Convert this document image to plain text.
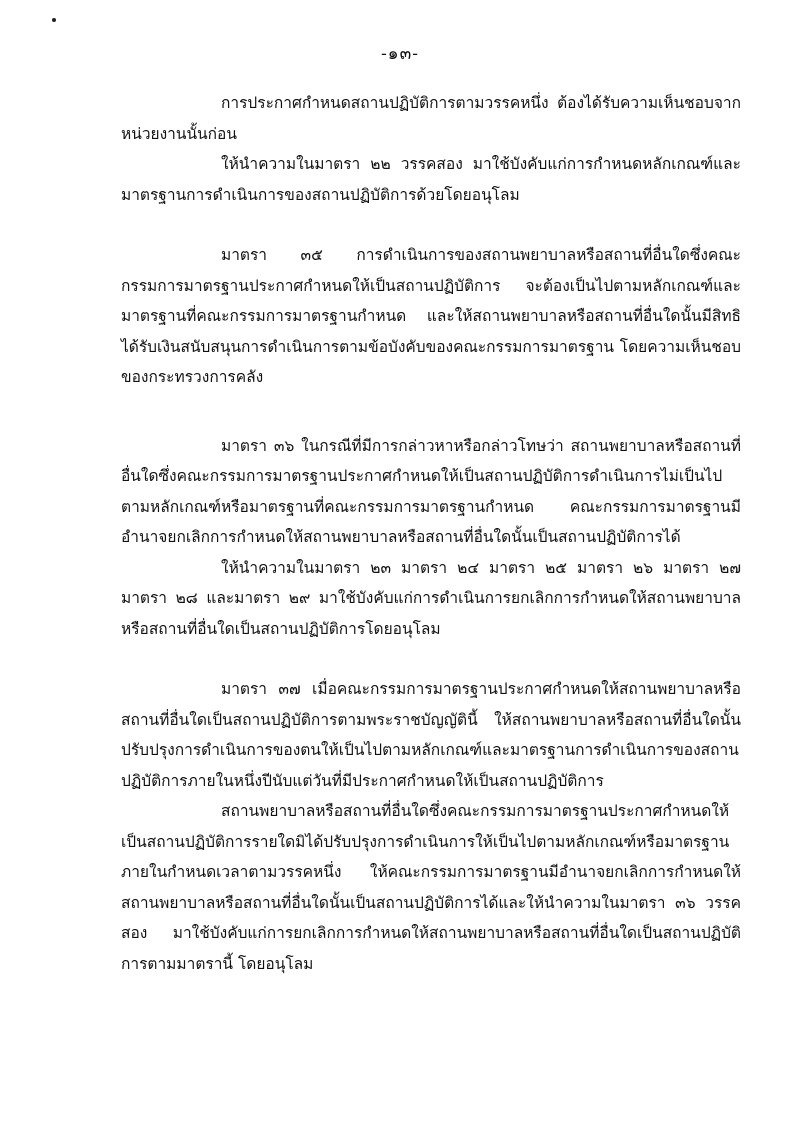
-๑๓-

การประกาศกำหนดสถานปฏิบัติการตามวรรคหนึ่ง ต้องได้รับความเห็นชอบจากหน่วยงานนั้นก่อน

ให้นำความในมาตรา ๒๒ วรรคสอง มาใช้บังคับแก่การกำหนดหลักเกณฑ์และมาตรฐานการดำเนินการของสถานปฏิบัติการด้วยโดยอนุโลม

มาตรา ๓๕ การดำเนินการของสถานพยาบาลหรือสถานที่อื่นใดซึ่งคณะกรรมการมาตรฐานประกาศกำหนดให้เป็นสถานปฏิบัติการ จะต้องเป็นไปตามหลักเกณฑ์และมาตรฐานที่คณะกรรมการมาตรฐานกำหนด และให้สถานพยาบาลหรือสถานที่อื่นใดนั้นมีสิทธิได้รับเงินสนับสนุนการดำเนินการตามข้อบังคับของคณะกรรมการมาตรฐาน โดยความเห็นชอบของกระทรวงการคลัง

มาตรา ๓๖ ในกรณีที่มีการกล่าวหาหรือกล่าวโทษว่า สถานพยาบาลหรือสถานที่อื่นใดซึ่งคณะกรรมการมาตรฐานประกาศกำหนดให้เป็นสถานปฏิบัติการดำเนินการไม่เป็นไปตามหลักเกณฑ์หรือมาตรฐานที่คณะกรรมการมาตรฐานกำหนด คณะกรรมการมาตรฐานมีอำนาจยกเลิกการกำหนดให้สถานพยาบาลหรือสถานที่อื่นใดนั้นเป็นสถานปฏิบัติการได้

ให้นำความในมาตรา ๒๓ มาตรา ๒๔ มาตรา ๒๕ มาตรา ๒๖ มาตรา ๒๗ มาตรา ๒๘ และมาตรา ๒๙ มาใช้บังคับแก่การดำเนินการยกเลิกการกำหนดให้สถานพยาบาลหรือสถานที่อื่นใดเป็นสถานปฏิบัติการโดยอนุโลม

มาตรา ๓๗ เมื่อคณะกรรมการมาตรฐานประกาศกำหนดให้สถานพยาบาลหรือสถานที่อื่นใดเป็นสถานปฏิบัติการตามพระราชบัญญัตินี้ ให้สถานพยาบาลหรือสถานที่อื่นใดนั้นปรับปรุงการดำเนินการของตนให้เป็นไปตามหลักเกณฑ์และมาตรฐานการดำเนินการของสถานปฏิบัติการภายในหนึ่งปีนับแต่วันที่มีประกาศกำหนดให้เป็นสถานปฏิบัติการ

สถานพยาบาลหรือสถานที่อื่นใดซึ่งคณะกรรมการมาตรฐานประกาศกำหนดให้เป็นสถานปฏิบัติการรายใดมิได้ปรับปรุงการดำเนินการให้เป็นไปตามหลักเกณฑ์หรือมาตรฐานภายในกำหนดเวลาตามวรรคหนึ่ง ให้คณะกรรมการมาตรฐานมีอำนาจยกเลิกการกำหนดให้สถานพยาบาลหรือสถานที่อื่นใดนั้นเป็นสถานปฏิบัติการได้และให้นำความในมาตรา ๓๖ วรรคสอง มาใช้บังคับแก่การยกเลิกการกำหนดให้สถานพยาบาลหรือสถานที่อื่นใดเป็นสถานปฏิบัติการตามมาตรานี้ โดยอนุโลม
